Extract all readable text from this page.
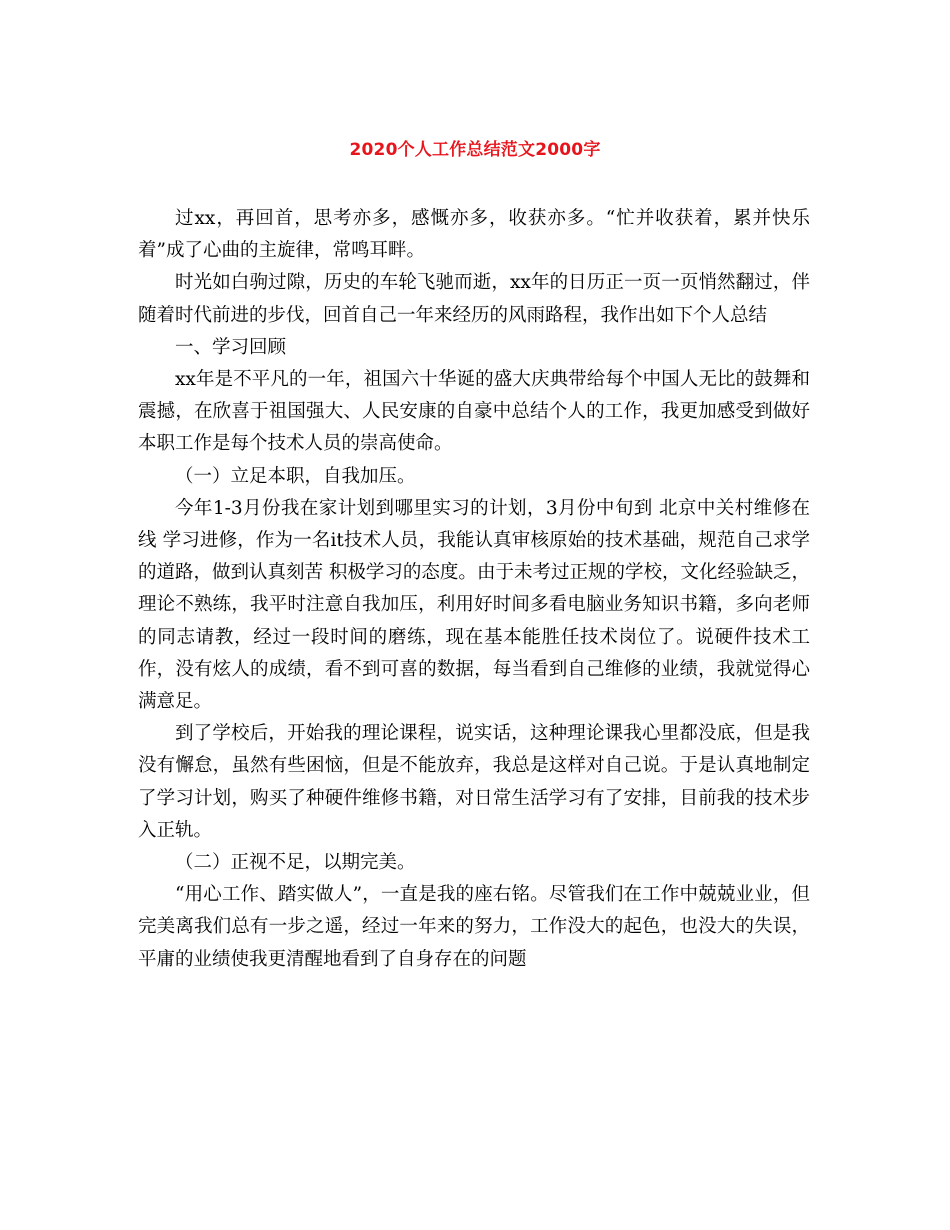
2020个人工作总结范文2000字

过xx，再回首，思考亦多，感慨亦多，收获亦多。“忙并收获着，累并快乐着”成了心曲的主旋律，常鸣耳畔。

时光如白驹过隙，历史的车轮飞驰而逝，xx年的日历正一页一页悄然翻过，伴随着时代前进的步伐，回首自己一年来经历的风雨路程，我作出如下个人总结

一、学习回顾

xx年是不平凡的一年，祖国六十华诞的盛大庆典带给每个中国人无比的鼓舞和震撼，在欣喜于祖国强大、人民安康的自豪中总结个人的工作，我更加感受到做好本职工作是每个技术人员的崇高使命。

（一）立足本职，自我加压。

今年1-3月份我在家计划到哪里实习的计划，3月份中旬到 北京中关村维修在线 学习进修，作为一名it技术人员，我能认真审核原始的技术基础，规范自己求学的道路，做到认真刻苦 积极学习的态度。由于未考过正规的学校，文化经验缺乏，理论不熟练，我平时注意自我加压，利用好时间多看电脑业务知识书籍，多向老师的同志请教，经过一段时间的磨练，现在基本能胜任技术岗位了。说硬件技术工作，没有炫人的成绩，看不到可喜的数据，每当看到自己维修的业绩，我就觉得心满意足。

到了学校后，开始我的理论课程，说实话，这种理论课我心里都没底，但是我没有懈怠，虽然有些困恼，但是不能放弃，我总是这样对自己说。于是认真地制定了学习计划，购买了种硬件维修书籍，对日常生活学习有了安排，目前我的技术步入正轨。

（二）正视不足，以期完美。

“用心工作、踏实做人”，一直是我的座右铭。尽管我们在工作中兢兢业业，但完美离我们总有一步之遥，经过一年来的努力，工作没大的起色，也没大的失误，平庸的业绩使我更清醒地看到了自身存在的问题
